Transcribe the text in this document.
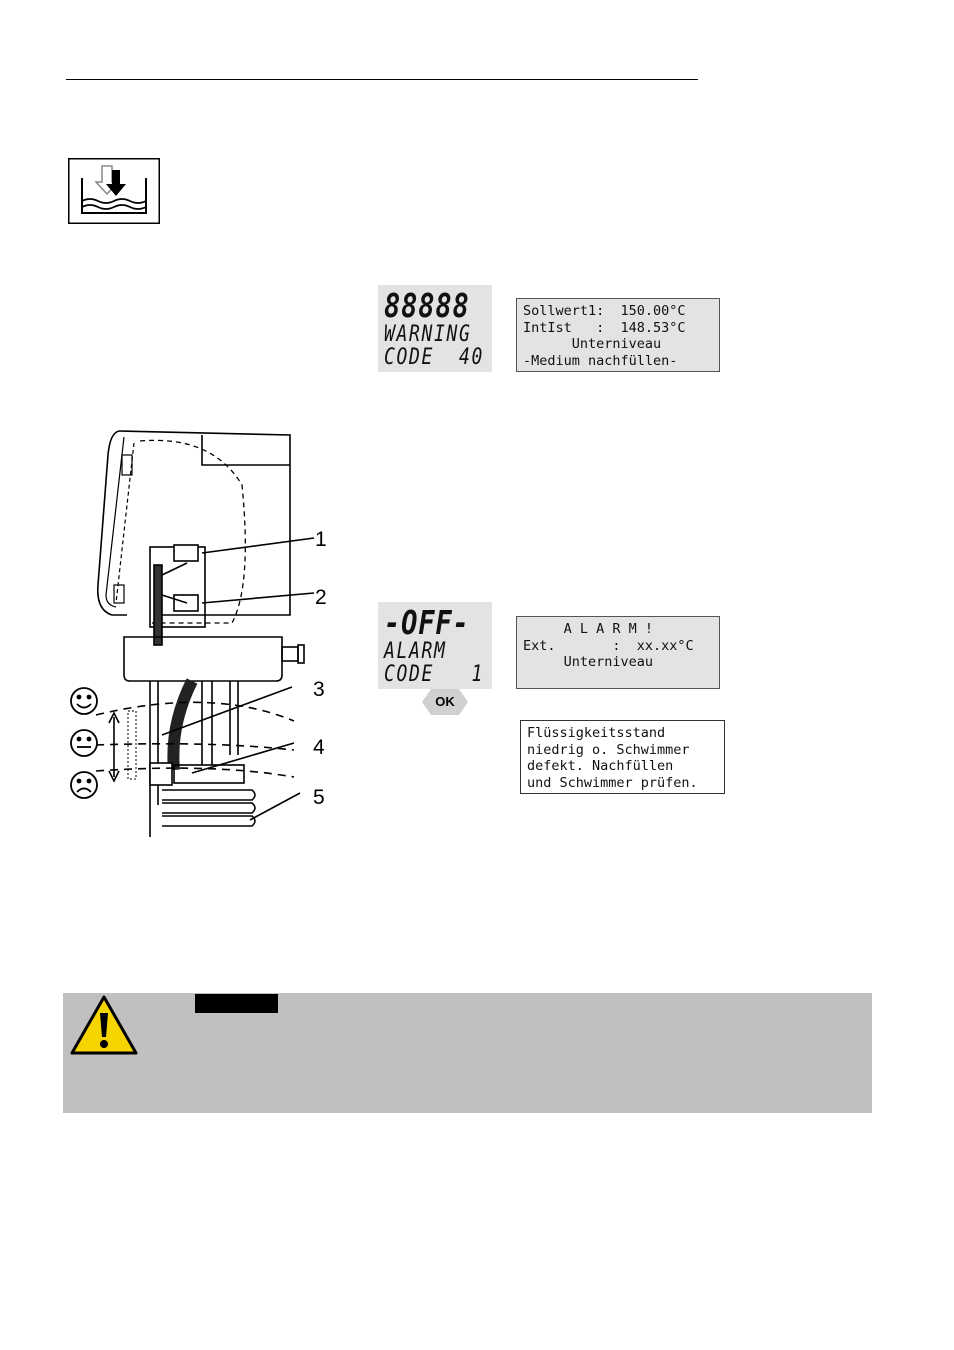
88888
WARNING
CODE  40
Sollwert1:  150.00°C
IntIst   :  148.53°C
Unterniveau
-Medium nachfüllen-
1
2
3
4
5
-OFF-
ALARM
CODE   1
OK
A L A R M !
Ext.       :  xx.xx°C
Unterniveau
Flüssigkeitsstand
niedrig o. Schwimmer
defekt. Nachfüllen
und Schwimmer prüfen.
